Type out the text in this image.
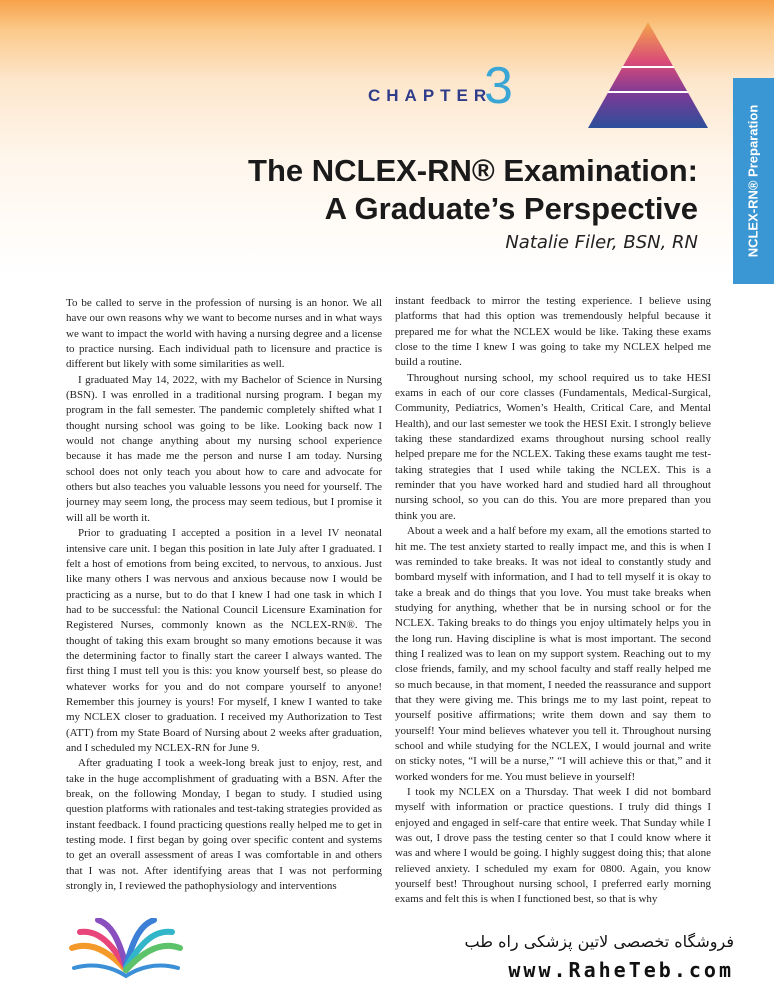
CHAPTER
3
The NCLEX-RN® Examination:
A Graduate’s Perspective
Natalie Filer, BSN, RN	NCLEX-RN® Preparation

To be called to serve in the profession of nursing is an honor. We all have our own reasons why we want to become nurses and in what ways we want to impact the world with having a nursing degree and a license to practice nursing. Each individual path to licensure and practice is different but likely with some similarities as well.

I graduated May 14, 2022, with my Bachelor of Science in Nursing (BSN). I was enrolled in a traditional nursing program. I began my program in the fall semester. The pandemic completely shifted what I thought nursing school was going to be like. Looking back now I would not change anything about my nursing school experience because it has made me the person and nurse I am today. Nursing school does not only teach you about how to care and advocate for others but also teaches you valuable lessons you need for yourself. The journey may seem long, the process may seem tedious, but I promise it will all be worth it.

Prior to graduating I accepted a position in a level IV neonatal intensive care unit. I began this position in late July after I graduated. I felt a host of emotions from being excited, to nervous, to anxious. Just like many others I was nervous and anxious because now I would be practicing as a nurse, but to do that I knew I had one task in which I had to be successful: the National Council Licensure Examination for Registered Nurses, commonly known as the NCLEX-RN®. The thought of taking this exam brought so many emotions because it was the determining factor to finally start the career I always wanted. The first thing I must tell you is this: you know yourself best, so please do whatever works for you and do not compare yourself to anyone! Remember this journey is yours! For myself, I knew I wanted to take my NCLEX closer to graduation. I received my Authorization to Test (ATT) from my State Board of Nursing about 2 weeks after graduation, and I scheduled my NCLEX-RN for June 9.

After graduating I took a week-long break just to enjoy, rest, and take in the huge accomplishment of graduating with a BSN. After the break, on the following Monday, I began to study. I studied using question platforms with rationales and test-taking strategies provided as instant feedback. I found practicing questions really helped me to get in testing mode. I first began by going over specific content and systems to get an overall assessment of areas I was comfortable in and others that I was not. After identifying areas that I was not performing strongly in, I reviewed the pathophysiology and interventions

instant feedback to mirror the testing experience. I believe using platforms that had this option was tremendously helpful because it prepared me for what the NCLEX would be like. Taking these exams close to the time I knew I was going to take my NCLEX helped me build a routine.

Throughout nursing school, my school required us to take HESI exams in each of our core classes (Fundamentals, Medical-Surgical, Community, Pediatrics, Women’s Health, Critical Care, and Mental Health), and our last semester we took the HESI Exit. I strongly believe taking these standardized exams throughout nursing school really helped prepare me for the NCLEX. Taking these exams taught me test-taking strategies that I used while taking the NCLEX. This is a reminder that you have worked hard and studied hard all throughout nursing school, so you can do this. You are more prepared than you think you are.

About a week and a half before my exam, all the emotions started to hit me. The test anxiety started to really impact me, and this is when I was reminded to take breaks. It was not ideal to constantly study and bombard myself with information, and I had to tell myself it is okay to take a break and do things that you love. You must take breaks when studying for anything, whether that be in nursing school or for the NCLEX. Taking breaks to do things you enjoy ultimately helps you in the long run. Having discipline is what is most important. The second thing I realized was to lean on my support system. Reaching out to my close friends, family, and my school faculty and staff really helped me so much because, in that moment, I needed the reassurance and support that they were giving me. This brings me to my last point, repeat to yourself positive affirmations; write them down and say them to yourself! Your mind believes whatever you tell it. Throughout nursing school and while studying for the NCLEX, I would journal and write on sticky notes, “I will be a nurse,” “I will achieve this or that,” and it worked wonders for me. You must believe in yourself!

I took my NCLEX on a Thursday. That week I did not bombard myself with information or practice questions. I truly did things I enjoyed and engaged in self-care that entire week. That Sunday while I was out, I drove pass the testing center so that I could know where it was and where I would be going. I highly suggest doing this; that alone relieved anxiety. I scheduled my exam for 0800. Again, you know yourself best! Throughout nursing school, I preferred early morning exams and felt this is when I functioned best, so that is why

فروشگاه تخصصی لاتین پزشکی راه طب
www.RaheTeb.com
